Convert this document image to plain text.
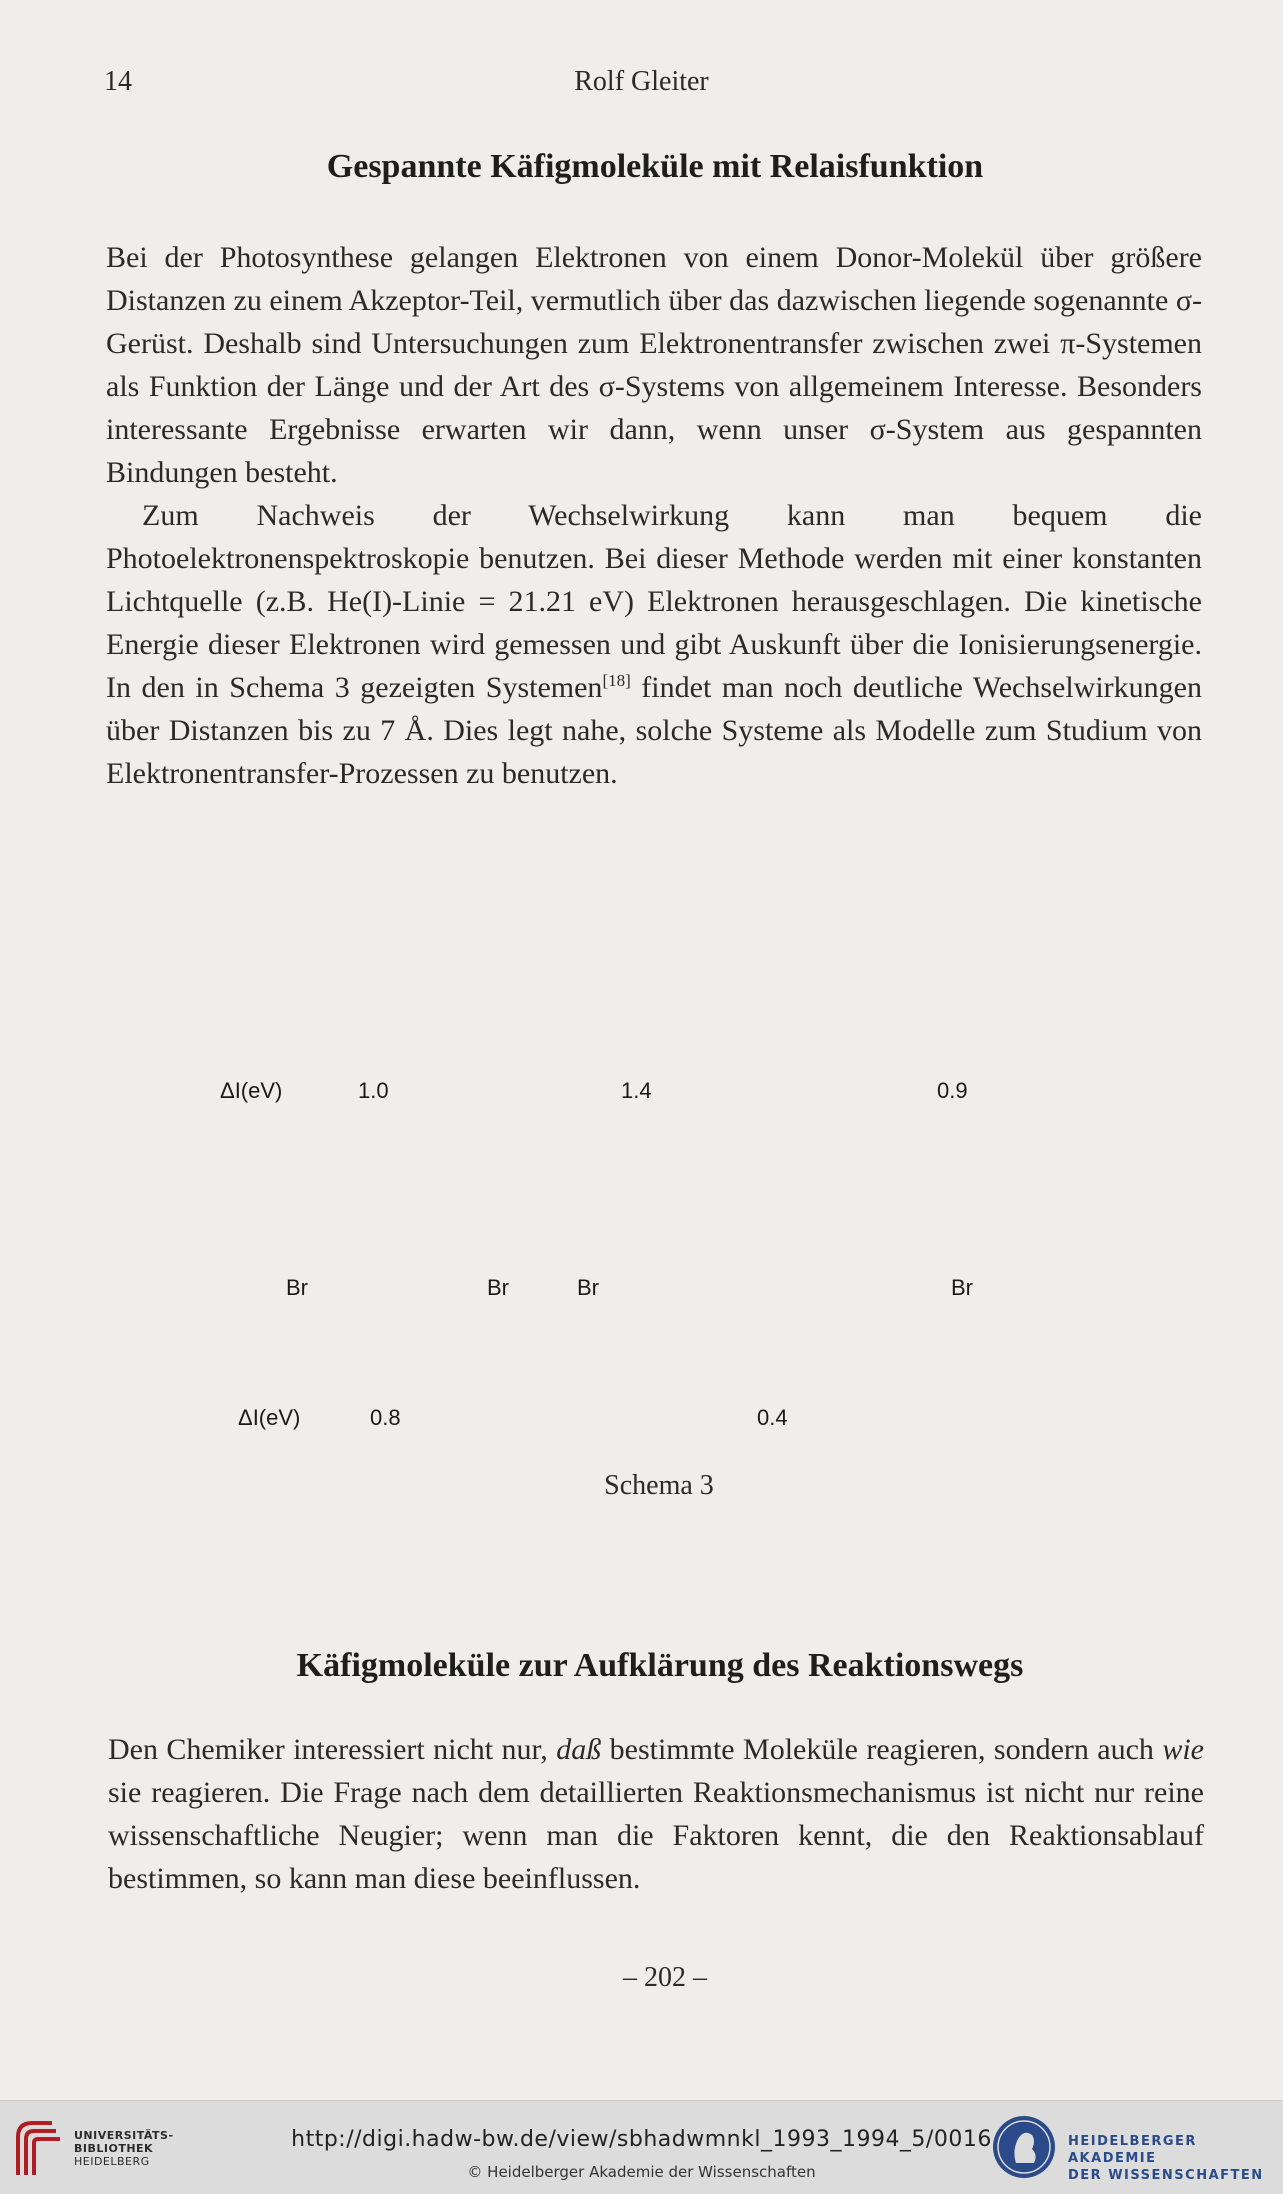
14	Rolf Gleiter
Gespannte Käfigmoleküle mit Relaisfunktion

Bei der Photosynthese gelangen Elektronen von einem Donor-Molekül über größere Distanzen zu einem Akzeptor-Teil, vermutlich über das dazwischen liegende sogenannte σ-Gerüst. Deshalb sind Untersuchungen zum Elektronentransfer zwischen zwei π-Systemen als Funktion der Länge und der Art des σ-Systems von allgemeinem Interesse. Besonders interessante Ergebnisse erwarten wir dann, wenn unser σ-System aus gespannten Bindungen besteht.

Zum Nachweis der Wechselwirkung kann man bequem die Photoelektronenspektroskopie benutzen. Bei dieser Methode werden mit einer konstanten Lichtquelle (z.B. He(I)-Linie = 21.21 eV) Elektronen herausgeschlagen. Die kinetische Energie dieser Elektronen wird gemessen und gibt Auskunft über die Ionisierungsenergie. In den in Schema 3 gezeigten Systemen[18] findet man noch deutliche Wechselwirkungen über Distanzen bis zu 7 Å. Dies legt nahe, solche Systeme als Modelle zum Studium von Elektronentransfer-Prozessen zu benutzen.

ΔI(eV)	1.0	1.4	0.9
Br	Br	Br	Br
ΔI(eV)	0.8	0.4
Schema 3
Käfigmoleküle zur Aufklärung des Reaktionswegs

Den Chemiker interessiert nicht nur, daß bestimmte Moleküle reagieren, sondern auch wie sie reagieren. Die Frage nach dem detaillierten Reaktionsmechanismus ist nicht nur reine wissenschaftliche Neugier; wenn man die Faktoren kennt, die den Reaktionsablauf bestimmen, so kann man diese beeinflussen.

– 202 –
UNIVERSITÄTS-
BIBLIOTHEK
HEIDELBERG
http://digi.hadw-bw.de/view/sbhadwmnkl_1993_1994_5/0016
© Heidelberger Akademie der Wissenschaften
HEIDELBERGER AKADEMIE
DER WISSENSCHAFTEN
